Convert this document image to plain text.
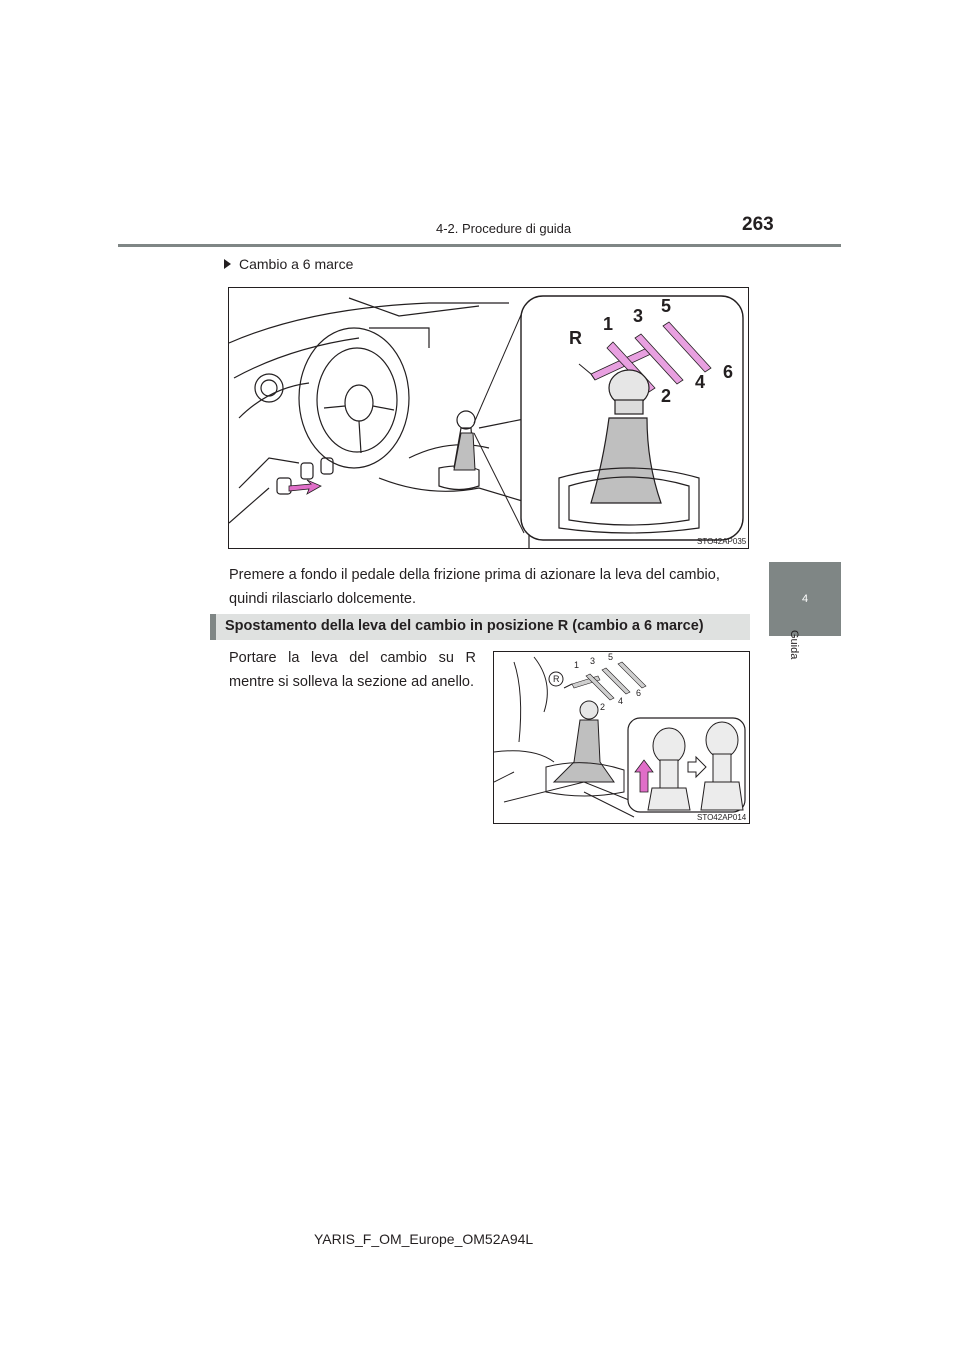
4-2. Procedure di guida	263
4
Guida
Cambio a 6 marce
R
1 3 5
2
4 6
STO42AP035
Premere a fondo il pedale della frizione prima di azionare la leva del cambio, quindi rilasciarlo dolcemente.
Spostamento della leva del cambio in posizione R (cambio a 6 marce)
Portare la leva del cambio su R mentre si solleva la sezione ad anello.	R
1 3 5
2
4
6
STO42AP014
YARIS_F_OM_Europe_OM52A94L
